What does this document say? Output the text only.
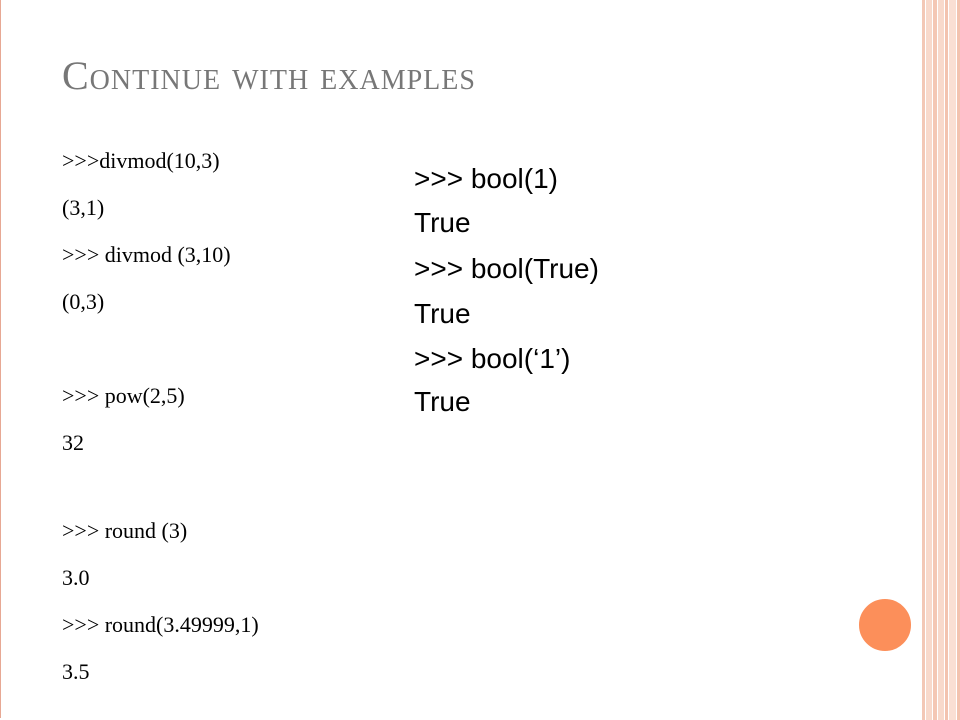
Continue with examples
>>>divmod(10,3)
(3,1)
>>> divmod (3,10)
(0,3)
>>> pow(2,5)
32
>>> round (3)
3.0
>>> round(3.49999,1)
3.5
>>> bool(1)
True
>>> bool(True)
True
>>> bool(‘1’)
True
